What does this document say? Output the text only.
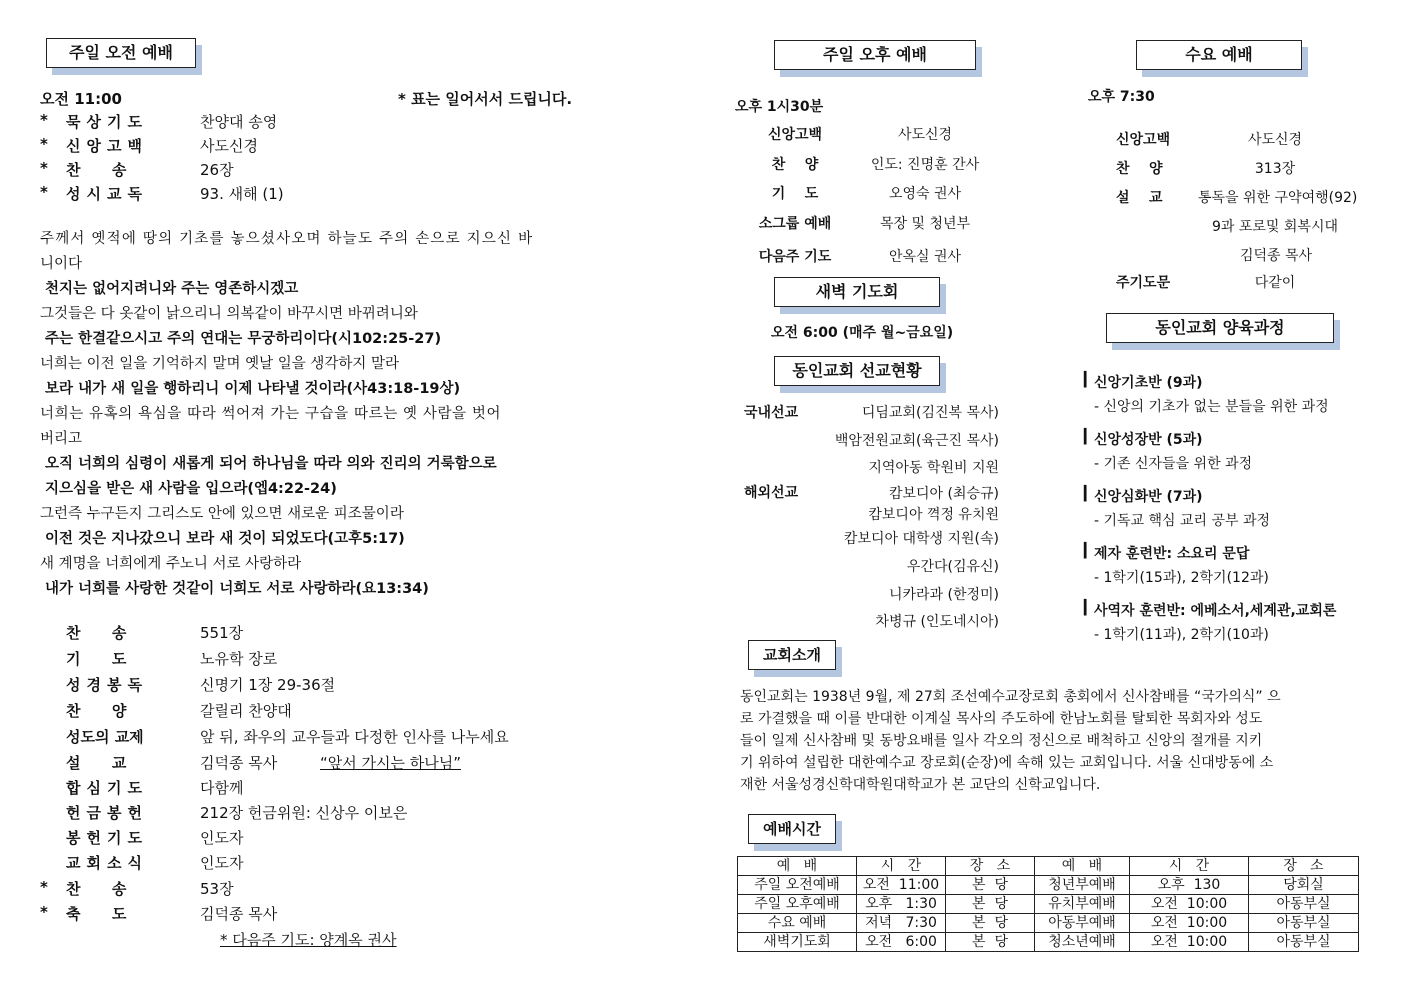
주일 오전 예배
오전 11:00	* 표는 일어서서 드립니다.
* 묵상기도	찬양대 송영
* 신앙고백	사도신경
* 찬      송	26장
* 성시교독	93. 새해 (1)
주께서 옛적에 땅의 기초를 놓으셨사오며 하늘도 주의 손으로 지으신 바
니이다
천지는 없어지려니와 주는 영존하시겠고
그것들은 다 옷같이 낡으리니 의복같이 바꾸시면 바뀌려니와
주는 한결같으시고 주의 연대는 무궁하리이다(시102:25-27)
너희는 이전 일을 기억하지 말며 옛날 일을 생각하지 말라
보라 내가 새 일을 행하리니 이제 나타낼 것이라(사43:18-19상)
너희는 유혹의 욕심을 따라 썩어져 가는 구습을 따르는 옛 사람을 벗어
버리고
오직 너희의 심령이 새롭게 되어 하나님을 따라 의와 진리의 거룩함으로
지으심을 받은 새 사람을 입으라(엡4:22-24)
그런즉 누구든지 그리스도 안에 있으면 새로운 피조물이라
이전 것은 지나갔으니 보라 새 것이 되었도다(고후5:17)
새 계명을 너희에게 주노니 서로 사랑하라
내가 너희를 사랑한 것같이 너희도 서로 사랑하라(요13:34)
찬      송	551장
기      도	노유학 장로
성경봉독	신명기 1장 29-36절
찬      양	갈릴리 찬양대
성도의 교제	앞 뒤, 좌우의 교우들과 다정한 인사를 나누세요
설      교	김덕종 목사	“앞서 가시는 하나님”
합심기도	다함께
헌금봉헌	212장 헌금위원: 신상우 이보은
봉헌기도	인도자
교회소식	인도자
* 찬      송	53장
* 축      도	김덕종 목사
* 다음주 기도: 양계옥 권사
주일 오후 예배
오후 1시30분
신앙고백	사도신경
찬    양	인도: 진명훈 간사
기    도	오영숙 권사
소그룹 예배	목장 및 청년부
다음주 기도	안옥실 권사
새벽 기도회
오전 6:00 (매주 월~금요일)
동인교회 선교현황
국내선교	디딤교회(김진복 목사)
백암전원교회(육근진 목사)
지역아동 학원비 지원
해외선교	캄보디아 (최승규)
캄보디아 껵정 유치원
캄보디아 대학생 지원(속)
우간다(김유신)
니카라과 (한정미)
차병규 (인도네시아)
수요 예배
오후 7:30
신앙고백	사도신경
찬    양	313장
설    교	통독을 위한 구약여행(92)
9과 포로및 회복시대
김덕종 목사
주기도문	다같이
동인교회 양육과정
▎ 신앙기초반 (9과)
- 신앙의 기초가 없는 분들을 위한 과정
▎ 신앙성장반 (5과)
- 기존 신자들을 위한 과정
▎ 신앙심화반 (7과)
- 기독교 핵심 교리 공부 과정
▎ 제자 훈련반: 소요리 문답
- 1학기(15과), 2학기(12과)
▎ 사역자 훈련반: 에베소서,세계관,교회론
- 1학기(11과), 2학기(10과)
교회소개
동인교회는 1938년 9월, 제 27회 조선예수교장로회 총회에서 신사참배를 “국가의식” 으
로 가결했을 때 이를 반대한 이계실 목사의 주도하에 한남노회를 탈퇴한 목회자와 성도
들이 일제 신사참배 및 동방요배를 일사 각오의 정신으로 배척하고 신앙의 절개를 지키
기 위하여 설립한 대한예수교 장로회(순장)에 속해 있는 교회입니다. 서울 신대방동에 소
재한 서울성경신학대학원대학교가 본 교단의 신학교입니다.
예배시간
예   배	시   간	장   소	예   배	시   간	장   소
주일 오전예배	오전  11:00	본  당	청년부예배	오후  130	당회실
주일 오후예배	오후   1:30	본  당	유치부예배	오전  10:00	아동부실
수요 예배	저녁   7:30	본  당	아동부예배	오전  10:00	아동부실
새벽기도회	오전   6:00	본  당	청소년예배	오전  10:00	아동부실
